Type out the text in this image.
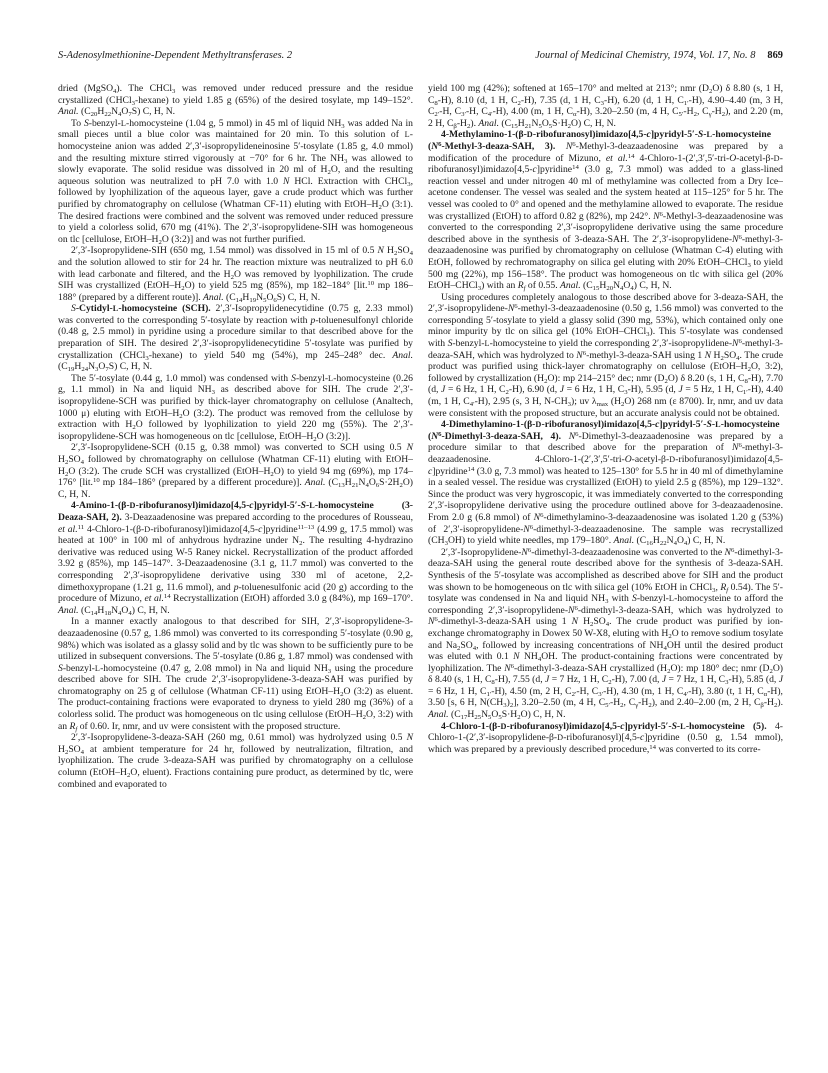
S-Adenosylmethionine-Dependent Methyltransferases. 2	Journal of Medicinal Chemistry, 1974, Vol. 17, No. 8 869

dried (MgSO$_4$). The CHCl$_3$ was removed under reduced pressure and the residue crystallized (CHCl$_3$-hexane) to yield 1.85 g (65%) of the desired tosylate, mp 149–152°. Anal. $(C_{20}H_{22}N_4O_7S)$ C, H, N.

To S-benzyl-L-homocysteine (1.04 g, 5 mmol) in 45 ml of liquid $NH_3$ was added Na in small pieces until a blue color was maintained for 20 min. To this solution of L-homocysteine anion was added 2′,3′-isopropylideneinosine 5′-tosylate (1.85 g, 4.0 mmol) and the resulting mixture stirred vigorously at −70° for 6 hr. The $NH_3$ was allowed to slowly evaporate. The solid residue was dissolved in 20 ml of $H_2O$, and the resulting aqueous solution was neutralized to pH 7.0 with 1.0 N HCl. Extraction with CHCl$_3$, followed by lyophilization of the aqueous layer, gave a crude product which was further purified by chromatography on cellulose (Whatman CF-11) eluting with EtOH–$H_2O$ (3:1). The desired fractions were combined and the solvent was removed under reduced pressure to yield a colorless solid, 670 mg (41%). The 2′,3′-isopropylidene-SIH was homogeneous on tlc [cellulose, EtOH–$H_2O$ (3:2)] and was not further purified.

2′,3′-Isopropylidene-SIH (650 mg, 1.54 mmol) was dissolved in 15 ml of 0.5 N $H_2SO_4$ and the solution allowed to stir for 24 hr. The reaction mixture was neutralized to pH 6.0 with lead carbonate and filtered, and the $H_2O$ was removed by lyophilization. The crude SIH was crystallized $(EtOH-H_2O)$ to yield 525 mg (85%), mp 182–184° [lit.$^{10}$ mp 186–188° (prepared by a different route)]. Anal. $(C_{14}H_{19}N_5O_6S)$ C, H, N.

S-Cytidyl-L-homocysteine (SCH). 2′,3′-Isopropylidenecytidine (0.75 g, 2.33 mmol) was converted to the corresponding 5′-tosylate by reaction with p-toluenesulfonyl chloride (0.48 g, 2.5 mmol) in pyridine using a procedure similar to that described above for the preparation of SIH. The desired 2′,3′-isopropylidenecytidine 5′-tosylate was purified by crystallization (CHCl$_3$-hexane) to yield 540 mg (54%), mp 245–248° dec. Anal. $(C_{19}H_{24}N_3O_7S)$ C, H, N.

The 5′-tosylate (0.44 g, 1.0 mmol) was condensed with S-benzyl-L-homocysteine (0.26 g, 1.1 mmol) in Na and liquid $NH_3$ as described above for SIH. The crude 2′,3′-isopropylidene-SCH was purified by thick-layer chromatography on cellulose (Analtech, 1000 μ) eluting with EtOH–$H_2O$ (3:2). The product was removed from the cellulose by extraction with $H_2O$ followed by lyophilization to yield 220 mg (55%). The 2′,3′-isopropylidene-SCH was homogeneous on tlc [cellulose, EtOH–$H_2O$ (3:2)].

2′,3′-Isopropylidene-SCH (0.15 g, 0.38 mmol) was converted to SCH using 0.5 N $H_2SO_4$ followed by chromatography on cellulose (Whatman CF-11) eluting with EtOH–$H_2O$ (3:2). The crude SCH was crystallized $(EtOH-H_2O)$ to yield 94 mg (69%), mp 174–176° [lit.$^{10}$ mp 184–186° (prepared by a different procedure)]. Anal. $(C_{13}H_{21}N_4O_6S\cdot 2H_2O)$ C, H, N.

4-Amino-1-(β-D-ribofuranosyl)imidazo[4,5-c]pyridyl-5′-S-L-homocysteine (3-Deaza-SAH, 2). 3-Deazaadenosine was prepared according to the procedures of Rousseau, et al.$^{11}$ 4-Chloro-1-(β-D-ribofuranosyl)imidazo[4,5-c]pyridine$^{11-13}$ (4.99 g, 17.5 mmol) was heated at 100° in 100 ml of anhydrous hydrazine under $N_2$. The resulting 4-hydrazino derivative was reduced using W-5 Raney nickel. Recrystallization of the product afforded 3.92 g (85%), mp 145–147°. 3-Deazaadenosine (3.1 g, 11.7 mmol) was converted to the corresponding 2′,3′-isopropylidene derivative using 330 ml of acetone, 2,2-dimethoxypropane (1.21 g, 11.6 mmol), and p-toluenesulfonic acid (20 g) according to the procedure of Mizuno, et al.$^{14}$ Recrystallization (EtOH) afforded 3.0 g (84%), mp 169–170°. Anal. $(C_{14}H_{18}N_4O_4)$ C, H, N.

In a manner exactly analogous to that described for SIH, 2′,3′-isopropylidene-3-deazaadenosine (0.57 g, 1.86 mmol) was converted to its corresponding 5′-tosylate (0.90 g, 98%) which was isolated as a glassy solid and by tlc was shown to be sufficiently pure to be utilized in subsequent conversions. The 5′-tosylate (0.86 g, 1.87 mmol) was condensed with S-benzyl-L-homocysteine (0.47 g, 2.08 mmol) in Na and liquid $NH_3$ using the procedure described above for SIH. The crude 2′,3′-isopropylidene-3-deaza-SAH was purified by chromatography on 25 g of cellulose (Whatman CF-11) using EtOH–$H_2O$ (3:2) as eluent. The product-containing fractions were evaporated to dryness to yield 280 mg (36%) of a colorless solid. The product was homogeneous on tlc using cellulose ($EtOH-H_2O$, 3:2) with an $R_f$ of 0.60. Ir, nmr, and uv were consistent with the proposed structure.

2′,3′-Isopropylidene-3-deaza-SAH (260 mg, 0.61 mmol) was hydrolyzed using 0.5 N $H_2SO_4$ at ambient temperature for 24 hr, followed by neutralization, filtration, and lyophilization. The crude 3-deaza-SAH was purified by chromatography on a cellulose column ($EtOH-H_2O$, eluent). Fractions containing pure product, as determined by tlc, were combined and evaporated to

yield 100 mg (42%); softened at 165–170° and melted at 213°; nmr $(D_2O)$ δ 8.80 (s, 1 H, $C_8-H$), 8.10 (d, 1 H, $C_2-H$), 7.35 (d, 1 H, $C_3-H$), 6.20 (d, 1 H, $C_{1'}-H$), 4.90–4.40 (m, 3 H, $C_{2'}-H$, $C_{3'}-H$, $C_{4'}-H$), 4.00 (m, 1 H, $C_\alpha-H$), 3.20–2.50 (m, 4 H, $C_{5'}-H_2$, $C_\gamma-H_2$), and 2.20 (m, 2 H, $C_\beta-H_2$). Anal. $(C_{15}H_{21}N_5O_5S\cdot H_2O)$ C, H, N.

4-Methylamino-1-(β-D-ribofuranosyl)imidazo[4,5-c]pyridyl-5′-S-L-homocysteine ($N^6-Methyl-3-deaza$-SAH, 3). $N^6-Methyl-3$-deazaadenosine was prepared by a modification of the procedure of Mizuno, et al.$^{14}$ 4-Chloro-1-(2′,3′,5′-tri-O-acetyl-β-D-ribofuranosyl)imidazo[4,5-c]pyridine$^{14}$ (3.0 g, 7.3 mmol) was added to a glass-lined reaction vessel and under nitrogen 40 ml of methylamine was collected from a Dry Ice–acetone condenser. The vessel was sealed and the system heated at 115–125° for 5 hr. The vessel was cooled to 0° and opened and the methylamine allowed to evaporate. The residue was crystallized (EtOH) to afford 0.82 g (82%), mp 242°. $N^6-Methyl-3$-deazaadenosine was converted to the corresponding 2′,3′-isopropylidene derivative using the same procedure described above in the synthesis of 3-deaza-SAH. The $2',3'-isopropylidene-N^6-methyl-3$-deazaadenosine was purified by chromatography on cellulose (Whatman C-4) eluting with EtOH, followed by rechromatography on silica gel eluting with 20% EtOH–CHCl$_3$ to yield 500 mg (22%), mp 156–158°. The product was homogeneous on tlc with silica gel (20% EtOH–CHCl$_3$) with an $R_f$ of 0.55. Anal. $(C_{15}H_{20}N_4O_4)$ C, H, N.

Using procedures completely analogous to those described above for 3-deaza-SAH, the $2',3'-isopropylidene-N^6-methyl-3$-deazaadenosine (0.50 g, 1.56 mmol) was converted to the corresponding 5′-tosylate to yield a glassy solid (390 mg, 53%), which contained only one minor impurity by tlc on silica gel (10% EtOH–CHCl$_3$). This 5′-tosylate was condensed with S-benzyl-L-homocysteine to yield the corresponding $2',3'-isopropylidene-N^6-methyl-3-deaza$-SAH, which was hydrolyzed to $N^6-methyl-3-deaza$-SAH using 1 N $H_2SO_4$. The crude product was purified using thick-layer chromatography on cellulose ($EtOH-H_2O$, 3:2), followed by crystallization $(H_2O)$: mp 214–215° dec; nmr $(D_2O)$ δ 8.20 (s, 1 H, $C_8-H$), 7.70 (d, J = 6 Hz, 1 H, $C_2-H$), 6.90 (d, J = 6 Hz, 1 H, $C_3-H$), 5.95 (d, J = 5 Hz, 1 H, $C_{1'}-H$), 4.40 (m, 1 H, $C_{4'}-H$), 2.95 (s, 3 H, $N-CH_3$); uv $\lambda_{max}$ $(H_2O)$ 268 nm (ε 8700). Ir, nmr, and uv data were consistent with the proposed structure, but an accurate analysis could not be obtained.

4-Dimethylamino-1-(β-D-ribofuranosyl)imidazo[4,5-c]pyridyl-5′-S-L-homocysteine ($N^6-Dimethyl-3-deaza$-SAH, 4). $N^6-Dimethyl-3$-deazaadenosine was prepared by a procedure similar to that described above for the preparation of $N^6-methyl-3$-deazaadenosine. 4-Chloro-1-(2′,3′,5′-tri-O-acetyl-β-D-ribofuranosyl)imidazo[4,5-c]pyridine$^{14}$ (3.0 g, 7.3 mmol) was heated to 125–130° for 5.5 hr in 40 ml of dimethylamine in a sealed vessel. The residue was crystallized (EtOH) to yield 2.5 g (85%), mp 129–132°. Since the product was very hygroscopic, it was immediately converted to the corresponding 2′,3′-isopropylidene derivative using the procedure outlined above for 3-deazaadenosine. From 2.0 g (6.8 mmol) of $N^6-dimethylamino-3$-deazaadenosine was isolated 1.20 g (53%) of $2',3'-isopropylidene-N^6-dimethyl-3$-deazaadenosine. The sample was recrystallized $(CH_3OH)$ to yield white needles, mp 179–180°. Anal. $(C_{16}H_{22}N_4O_4)$ C, H, N.

$2',3'-Isopropylidene-N^6-dimethyl-3$-deazaadenosine was converted to the $N^6-dimethyl-3-deaza$-SAH using the general route described above for the synthesis of 3-deaza-SAH. Synthesis of the 5′-tosylate was accomplished as described above for SIH and the product was shown to be homogeneous on tlc with silica gel (10% EtOH in CHCl$_3$, $R_f$ 0.54). The 5′-tosylate was condensed in Na and liquid $NH_3$ with S-benzyl-L-homocysteine to afford the corresponding $2',3'-isopropylidene-N^6-dimethyl-3-deaza$-SAH, which was hydrolyzed to $N^6-dimethyl-3-deaza$-SAH using 1 N $H_2SO_4$. The crude product was purified by ion-exchange chromatography in Dowex 50 W-X8, eluting with $H_2O$ to remove sodium tosylate and $Na_2SO_4$, followed by increasing concentrations of $NH_4OH$ until the desired product was eluted with 0.1 N $NH_4OH$. The product-containing fractions were concentrated by lyophilization. The $N^6-dimethyl-3-deaza$-SAH crystallized $(H_2O)$: mp 180° dec; nmr $(D_2O)$ δ 8.40 (s, 1 H, $C_8-H$), 7.55 (d, J = 7 Hz, 1 H, $C_2-H$), 7.00 (d, J = 7 Hz, 1 H, $C_3-H$), 5.85 (d, J = 6 Hz, 1 H, $C_{1'}-H$), 4.50 (m, 2 H, $C_{2'}-H$, $C_{3'}-H$), 4.30 (m, 1 H, $C_{4'}-H$), 3.80 (t, 1 H, $C_\alpha-H$), 3.50 [s, 6 H, $N(CH_3)_2$], 3.20–2.50 (m, 4 H, $C_{5'}-H_2$, $C_\gamma-H_2$), and 2.40–2.00 (m, 2 H, $C_\beta-H_2$). Anal. $(C_{17}H_{25}N_5O_5S\cdot H_2O)$ C, H, N.

4-Chloro-1-(β-D-ribofuranosyl)imidazo[4,5-c]pyridyl-5′-S-L-homocysteine (5). 4-Chloro-1-(2′,3′-isopropylidene-β-D-ribofuranosyl)[4,5-c]pyridine (0.50 g, 1.54 mmol), which was prepared by a previously described procedure,$^{14}$ was converted to its corre-
